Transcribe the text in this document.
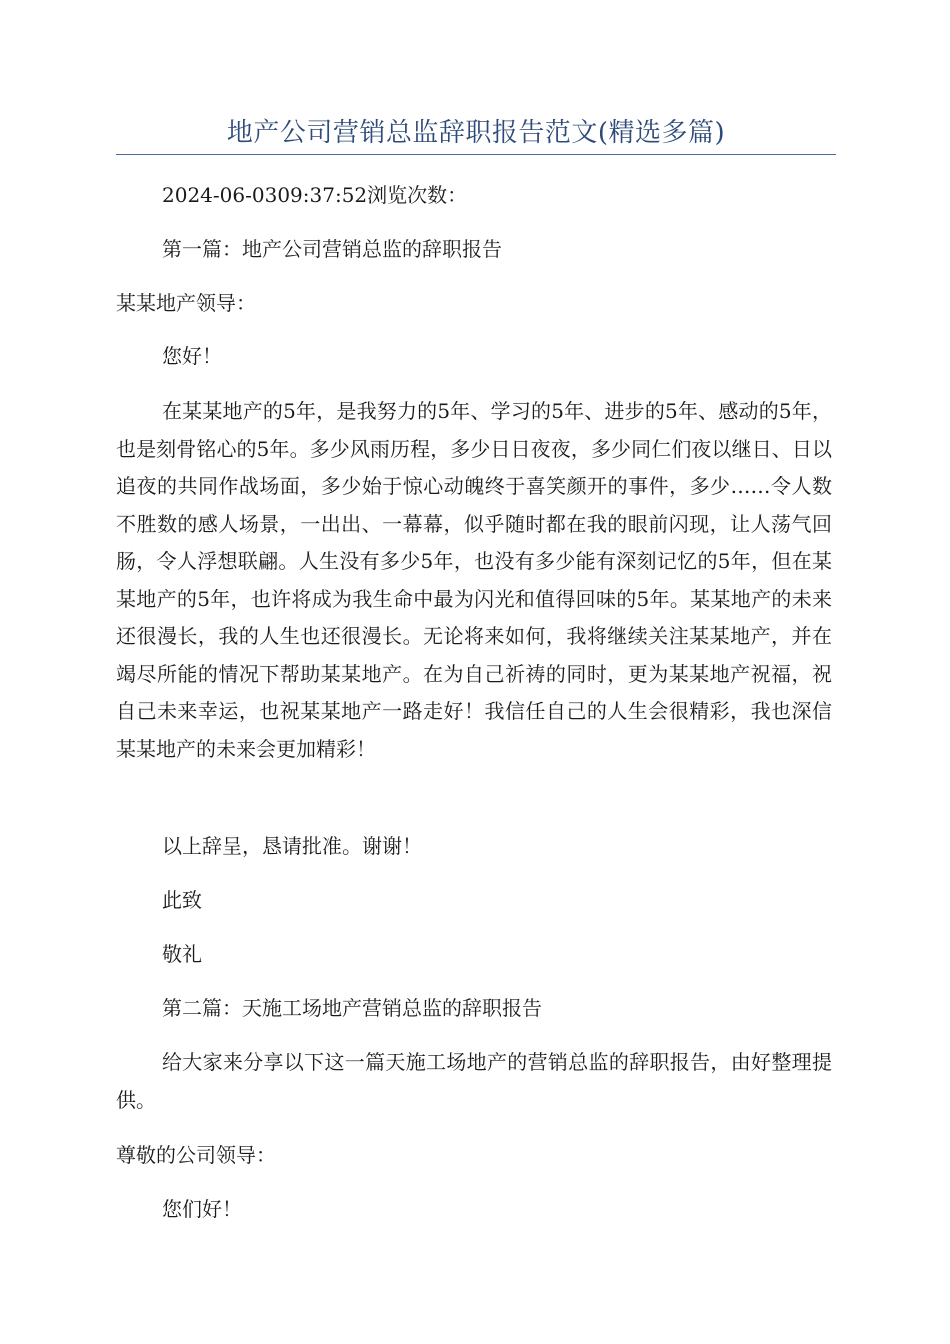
地产公司营销总监辞职报告范文(精选多篇)

2024-06-0309:37:52浏览次数：

第一篇：地产公司营销总监的辞职报告

某某地产领导：

您好！

在某某地产的5年，是我努力的5年、学习的5年、进步的5年、感动的5年，也是刻骨铭心的5年。多少风雨历程，多少日日夜夜，多少同仁们夜以继日、日以追夜的共同作战场面，多少始于惊心动魄终于喜笑颜开的事件，多少……令人数不胜数的感人场景，一出出、一幕幕，似乎随时都在我的眼前闪现，让人荡气回肠，令人浮想联翩。人生没有多少5年，也没有多少能有深刻记忆的5年，但在某某地产的5年，也许将成为我生命中最为闪光和值得回味的5年。某某地产的未来还很漫长，我的人生也还很漫长。无论将来如何，我将继续关注某某地产，并在竭尽所能的情况下帮助某某地产。在为自己祈祷的同时，更为某某地产祝福，祝自己未来幸运，也祝某某地产一路走好！我信任自己的人生会很精彩，我也深信某某地产的未来会更加精彩！

以上辞呈，恳请批准。谢谢！

此致

敬礼

第二篇：天施工场地产营销总监的辞职报告

给大家来分享以下这一篇天施工场地产的营销总监的辞职报告，由好整理提供。

尊敬的公司领导：

您们好！
